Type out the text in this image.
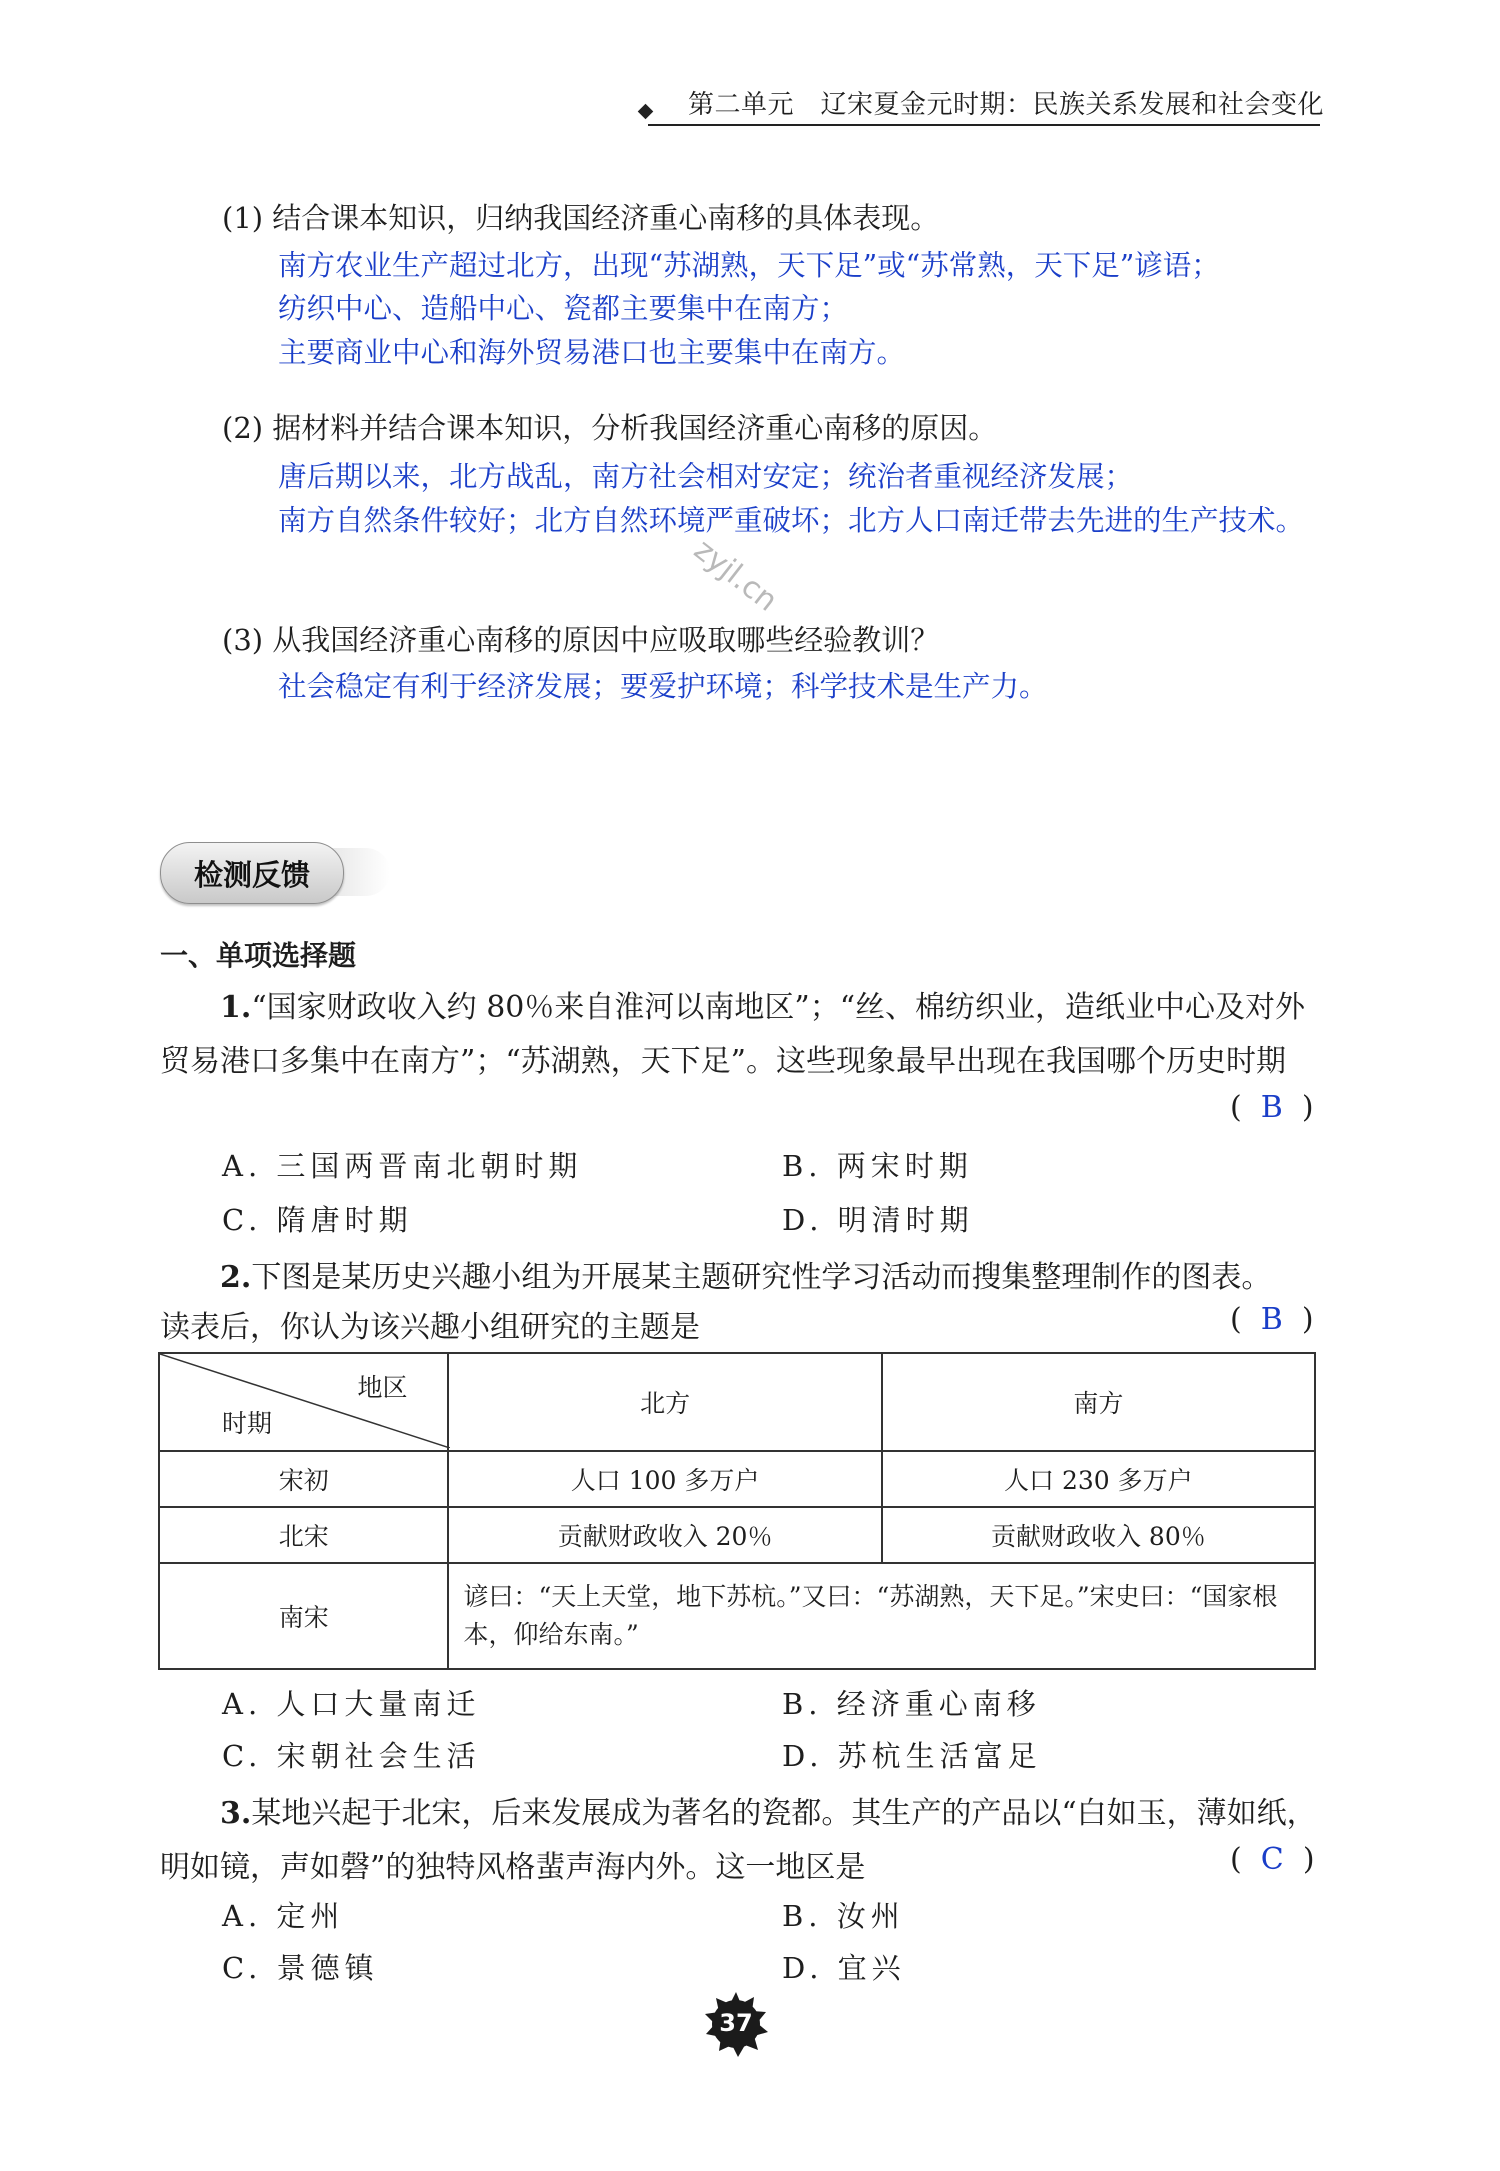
第二单元　辽宋夏金元时期：民族关系发展和社会变化
(1) 结合课本知识，归纳我国经济重心南移的具体表现。
南方农业生产超过北方，出现“苏湖熟，天下足”或“苏常熟，天下足”谚语；
纺织中心、造船中心、瓷都主要集中在南方；
主要商业中心和海外贸易港口也主要集中在南方。
(2) 据材料并结合课本知识，分析我国经济重心南移的原因。
唐后期以来，北方战乱，南方社会相对安定；统治者重视经济发展；
南方自然条件较好；北方自然环境严重破坏；北方人口南迁带去先进的生产技术。
zyjl.cn
(3) 从我国经济重心南移的原因中应吸取哪些经验教训？
社会稳定有利于经济发展；要爱护环境；科学技术是生产力。
检测反馈
一、单项选择题
1.“国家财政收入约 80％来自淮河以南地区”；“丝、棉纺织业，造纸业中心及对外
贸易港口多集中在南方”；“苏湖熟，天下足”。这些现象最早出现在我国哪个历史时期
(  B  )
A. 三国两晋南北朝时期	B. 两宋时期
C. 隋唐时期	D. 明清时期
2.下图是某历史兴趣小组为开展某主题研究性学习活动而搜集整理制作的图表。
读表后，你认为该兴趣小组研究的主题是	(  B  )
地区
时期	北方	南方
宋初	人口 100 多万户	人口 230 多万户
北宋	贡献财政收入 20％	贡献财政收入 80％
南宋	谚曰：“天上天堂，地下苏杭。”又曰：“苏湖熟，天下足。”宋史曰：“国家根本，仰给东南。”	
A. 人口大量南迁	B. 经济重心南移
C. 宋朝社会生活	D. 苏杭生活富足
3.某地兴起于北宋，后来发展成为著名的瓷都。其生产的产品以“白如玉，薄如纸，
明如镜，声如磬”的独特风格蜚声海内外。这一地区是	(  C  )
A. 定州	B. 汝州
C. 景德镇	D. 宜兴
37
